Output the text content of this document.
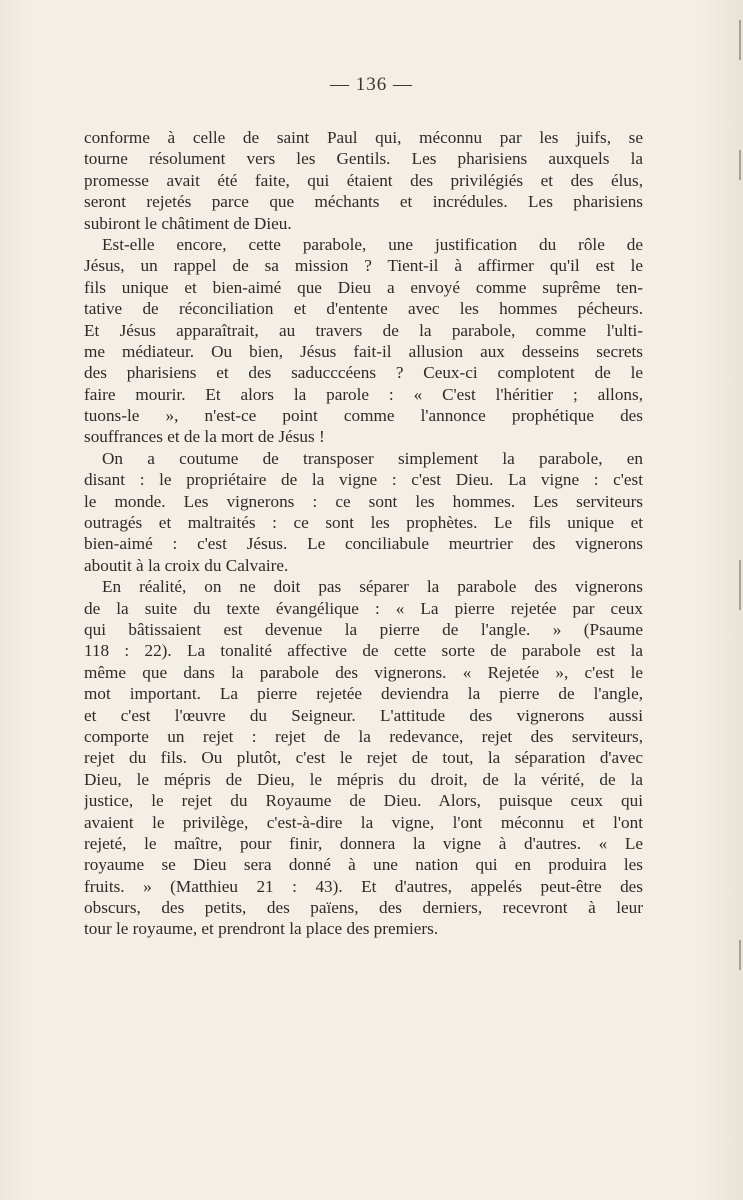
— 136 —
conforme à celle de saint Paul qui, méconnu par les juifs, se
tourne résolument vers les Gentils. Les pharisiens auxquels la
promesse avait été faite, qui étaient des privilégiés et des élus,
seront rejetés parce que méchants et incrédules. Les pharisiens
subiront le châtiment de Dieu.
Est-elle encore, cette parabole, une justification du rôle de
Jésus, un rappel de sa mission ? Tient-il à affirmer qu'il est le
fils unique et bien-aimé que Dieu a envoyé comme suprême ten-
tative de réconciliation et d'entente avec les hommes pécheurs.
Et Jésus apparaîtrait, au travers de la parabole, comme l'ulti-
me médiateur. Ou bien, Jésus fait-il allusion aux desseins secrets
des pharisiens et des saducccéens ? Ceux-ci complotent de le
faire mourir. Et alors la parole : « C'est l'héritier ; allons,
tuons-le », n'est-ce point comme l'annonce prophétique des
souffrances et de la mort de Jésus !
On a coutume de transposer simplement la parabole, en
disant : le propriétaire de la vigne : c'est Dieu. La vigne : c'est
le monde. Les vignerons : ce sont les hommes. Les serviteurs
outragés et maltraités : ce sont les prophètes. Le fils unique et
bien-aimé : c'est Jésus. Le conciliabule meurtrier des vignerons
aboutit à la croix du Calvaire.
En réalité, on ne doit pas séparer la parabole des vignerons
de la suite du texte évangélique : « La pierre rejetée par ceux
qui bâtissaient est devenue la pierre de l'angle. » (Psaume
118 : 22). La tonalité affective de cette sorte de parabole est la
même que dans la parabole des vignerons. « Rejetée », c'est le
mot important. La pierre rejetée deviendra la pierre de l'angle,
et c'est l'œuvre du Seigneur. L'attitude des vignerons aussi
comporte un rejet : rejet de la redevance, rejet des serviteurs,
rejet du fils. Ou plutôt, c'est le rejet de tout, la séparation d'avec
Dieu, le mépris de Dieu, le mépris du droit, de la vérité, de la
justice, le rejet du Royaume de Dieu. Alors, puisque ceux qui
avaient le privilège, c'est-à-dire la vigne, l'ont méconnu et l'ont
rejeté, le maître, pour finir, donnera la vigne à d'autres. « Le
royaume se Dieu sera donné à une nation qui en produira les
fruits. » (Matthieu 21 : 43). Et d'autres, appelés peut-être des
obscurs, des petits, des païens, des derniers, recevront à leur
tour le royaume, et prendront la place des premiers.
